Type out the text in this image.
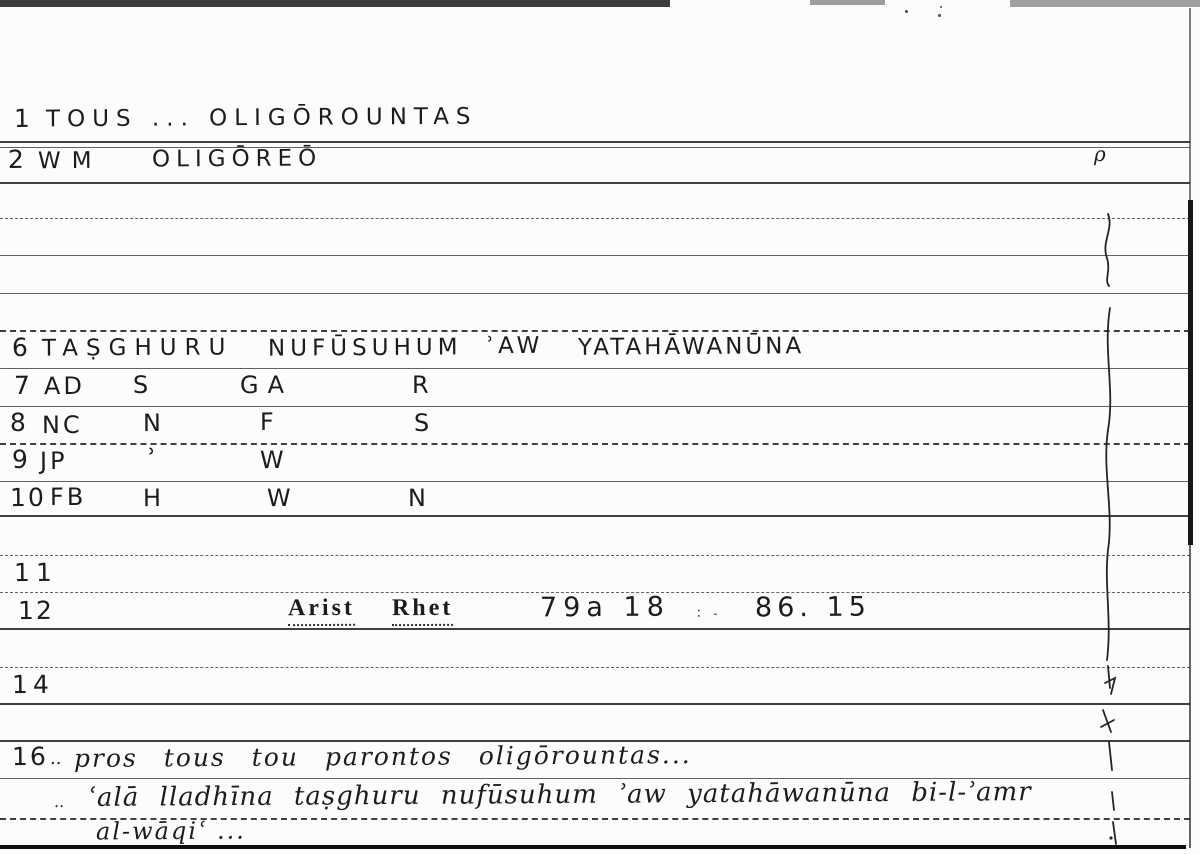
1 TOUS ... OLIGŌROUNTAS
2 WM OLIGŌREŌ
6 TAṢGHURU NUFŪSUHUM ʾAW YATAHĀWANŪNA
7 AD S	GA	R
8 NC	N	F	S
9 JP	ʾ	W
10 FB H	W	N
11
12	Arist Rhet	79a 18 ∶ ˗ 86. 15
14
16 .. pros tous tou parontos oligōrountas...
.. ʿalā lladhīna taṣghuru nufūsuhum ʾaw yatahāwanūna bi-l-ʾamr
al-wāqiʿ ...
ρ
